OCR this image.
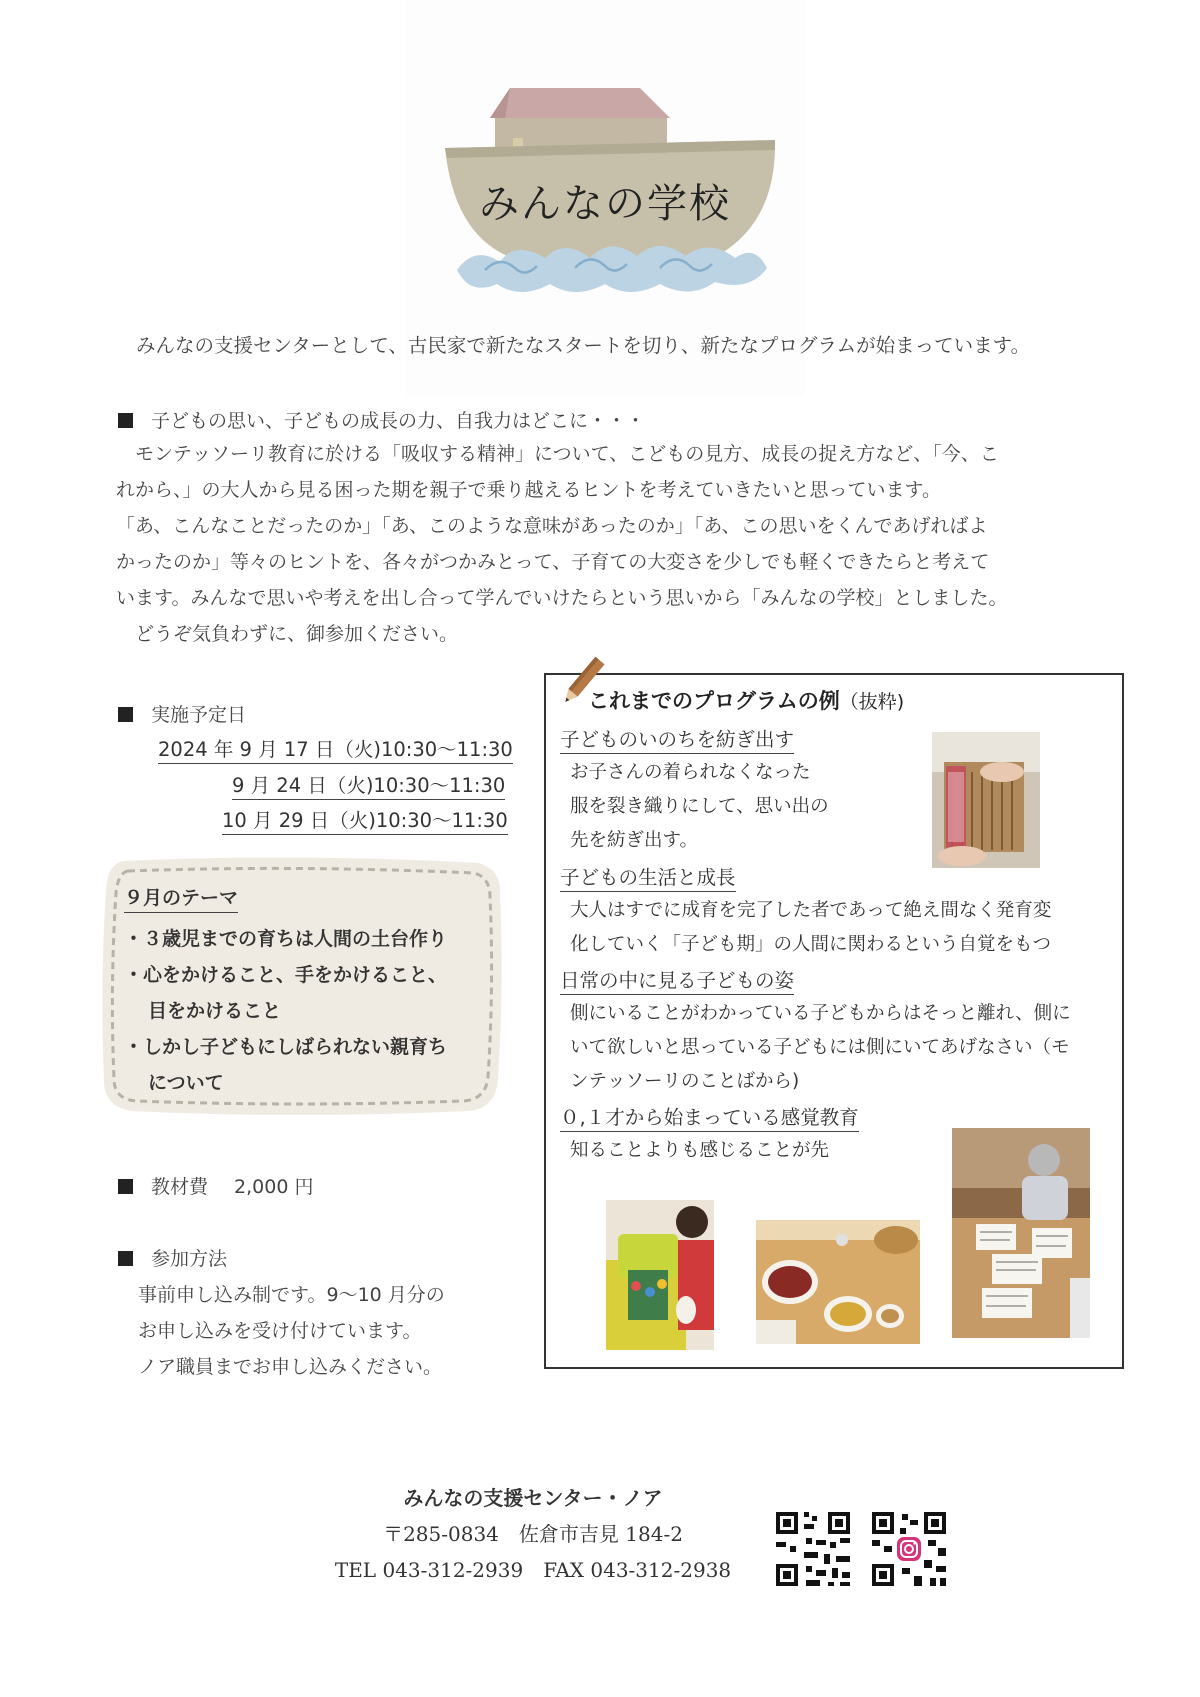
みんなの学校
みんなの支援センターとして、古民家で新たなスタートを切り、新たなプログラムが始まっています。
子どもの思い、子どもの成長の力、自我力はどこに・・・

　モンテッソーリ教育に於ける「吸収する精神」について、こどもの見方、成長の捉え方など、「今、こ

れから、」の大人から見る困った期を親子で乗り越えるヒントを考えていきたいと思っています。

「あ、こんなことだったのか」「あ、このような意味があったのか」「あ、この思いをくんであげればよ

かったのか」等々のヒントを、各々がつかみとって、子育ての大変さを少しでも軽くできたらと考えて

います。みんなで思いや考えを出し合って学んでいけたらという思いから「みんなの学校」としました。

　どうぞ気負わずに、御参加ください。

実施予定日
2024 年 9 月 17 日（火)10:30～11:30
9 月 24 日（火)10:30～11:30
10 月 29 日（火)10:30～11:30
９月のテーマ

・３歳児までの育ちは人間の土台作り

・心をかけること、手をかけること、

目をかけること

・しかし子どもにしばられない親育ち

について

教材費 2,000 円
参加方法
事前申し込み制です。9～10 月分の
お申し込みを受け付けています。
ノア職員までお申し込みください。
これまでのプログラムの例（抜粋)
子どものいのちを紡ぎ出す

お子さんの着られなくなった

服を裂き織りにして、思い出の

先を紡ぎ出す。

子どもの生活と成長

大人はすでに成育を完了した者であって絶え間なく発育変

化していく「子ども期」の人間に関わるという自覚をもつ

日常の中に見る子どもの姿

側にいることがわかっている子どもからはそっと離れ、側に

いて欲しいと思っている子どもには側にいてあげなさい（モ

ンテッソーリのことばから)

０,１才から始まっている感覚教育

知ることよりも感じることが先

みんなの支援センター・ノア
〒285-0834　佐倉市吉見 184-2
TEL 043-312-2939　FAX 043-312-2938
